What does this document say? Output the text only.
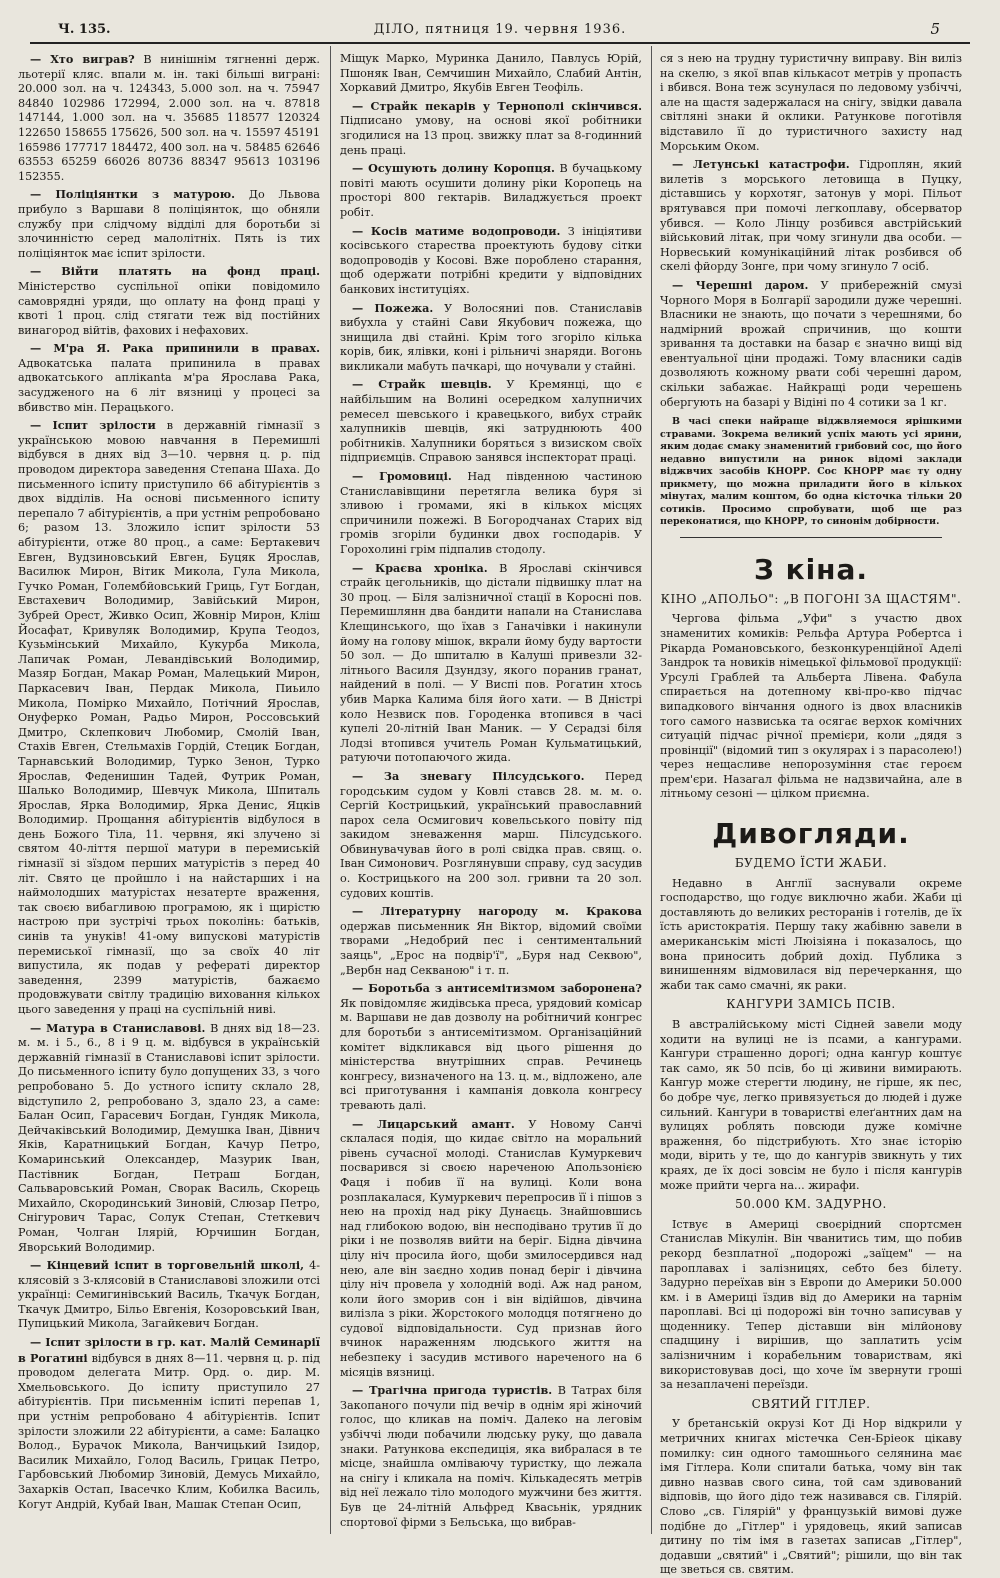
Ч. 135.	ДІЛО, пятниця 19. червня 1936.	5

— Хто виграв? В нинішнім тягненні держ. льотерії кляс. впали м. ін. такі більші виграні: 20.000 зол. на ч. 124343, 5.000 зол. на ч. 75947 84840 102986 172994, 2.000 зол. на ч. 87818 147144, 1.000 зол. на ч. 35685 118577 120324 122650 158655 175626, 500 зол. на ч. 15597 45191 165986 177717 184472, 400 зол. на ч. 58485 62646 63553 65259 66026 80736 88347 95613 103196 152355.

— Поліціянтки з матурою. До Львова прибуло з Варшави 8 поліціянток, що обняли службу при слідчому відділі для боротьби зі злочинністю серед малолітніх. Пять із тих поліціянток має іспит зрілости.

— Війти платять на фонд праці. Міністерство суспільної опіки повідомило самоврядні уряди, що оплату на фонд праці у квоті 1 проц. слід стягати теж від постійних винагород війтів, фахових і нефахових.

— М'ра Я. Рака припинили в правах. Адвокатська палата припинила в правах адвокатського аплікanta м'ра Ярослава Рака, засудженого на 6 літ вязниці у процесі за вбивство мін. Перацького.

— Іспит зрілости в державній гімназії з українською мовою навчання в Перемишлі відбувся в днях від 3—10. червня ц. р. під проводом директора заведення Степана Шаха. До письменного іспиту приступило 66 абітурієнтів з двох відділів. На основі письменного іспиту перепало 7 абітурієнтів, а при устнім репробовано 6; разом 13. Зложило іспит зрілости 53 абітурієнти, отже 80 проц., а саме: Бертакевич Евген, Вудзиновський Евген, Буцяк Ярослав, Василюк Мирон, Вітик Микола, Гула Микола, Гучко Роман, Голембйовський Гриць, Гут Богдан, Евстахевич Володимир, Завійський Мирон, Зубрей Орест, Живко Осип, Жовнір Мирон, Кліш Йосафат, Кривуляк Володимир, Крупа Теодоз, Кузьмінський Михайло, Кукурба Микола, Лапичак Роман, Левандівський Володимир, Мазяр Богдан, Макар Роман, Малецький Мирон, Паркасевич Іван, Пердак Микола, Пиьило Микола, Помірко Михайло, Потічний Ярослав, Онуферко Роман, Радьо Мирон, Россовський Дмитро, Склепкович Любомир, Смолій Іван, Стахів Евген, Стельмахів Гордій, Стецик Богдан, Тарнавський Володимир, Турко Зенон, Турко Ярослав, Феденишин Тадей, Футрик Роман, Шалько Володимир, Шевчук Микола, Шпиталь Ярослав, Ярка Володимир, Ярка Денис, Яцків Володимир. Прощання абітурієнтів відбулося в день Божого Тіла, 11. червня, які злучено зі святом 40-ліття першої матури в перемиській гімназії зі зїздом перших матурістів з перед 40 літ. Свято це пройшло і на найстарших і на наймолодших матурістах незатерте враження, так своєю вибагливою програмою, як і щирістю настрою при зустрічі трьох поколінь: батьків, синів та унуків! 41-ому випускові матурістів перемиської гімназії, що за своїх 40 літ випустила, як подав у рефераті директор заведення, 2399 матурістів, бажаємо продовжувати світлу традицію виховання кількох цього заведення у праці на суспільній ниві.

— Матура в Станиславові. В днях від 18—23. м. м. і 5., 6., 8 і 9 ц. м. відбувся в українській державній гімназії в Станиславові іспит зрілости. До письменного іспиту було допущених 33, з чого репробовано 5. До устного іспиту склало 28, відступило 2, репробовано 3, здало 23, а саме: Балан Осип, Гарасевич Богдан, Гундяк Микола, Дейчаківський Володимир, Демушка Іван, Дівнич Яків, Каратницький Богдан, Качур Петро, Комаринський Олександер, Мазурик Іван, Пастівник Богдан, Петраш Богдан, Сальваровський Роман, Сворак Василь, Скорець Михайло, Скородинський Зиновій, Слюзар Петро, Снігурович Тарас, Солук Степан, Стеткевич Роман, Чолган Ілярій, Юрчишин Богдан, Яворський Володимир.

— Кінцевий іспит в торговельній школі, 4-клясовій з 3-клясовій в Станиславові зложили отсі українці: Семигинівський Василь, Ткачук Богдан, Ткачук Дмитро, Більо Евгенія, Козоровський Іван, Пупицький Микола, Загайкевич Богдан.

— Іспит зрілости в гр. кат. Малій Семинарії в Рогатині відбувся в днях 8—11. червня ц. р. під проводом делегата Митр. Орд. о. дир. М. Хмельовського. До іспиту приступило 27 абітурієнтів. При письменнім іспиті перепав 1, при устнім репробовано 4 абітурієнтів. Іспит зрілости зложили 22 абітурієнти, а саме: Балацко Волод., Бурачок Микола, Ванчицький Ізидор, Василик Михайло, Голод Василь, Грицак Петро, Гарбовський Любомир Зиновій, Демусь Михайло, Захарків Остап, Івасечко Клим, Кобилка Василь, Когут Андрій, Кубай Іван, Машак Степан Осип,

Міщук Марко, Муринка Данило, Павлусь Юрій, Пшоняк Іван, Семчишин Михайло, Слабий Антін, Хоркавий Дмитро, Якубів Евген Теофіль.

— Страйк пекарів у Тернополі скінчився. Підписано умову, на основі якої робітники згодилися на 13 проц. звижку плат за 8-годинний день праці.

— Осушують долину Коропця. В бучацькому повіті мають осушити долину ріки Коропець на просторі 800 гектарів. Виладжується проект робіт.

— Косів матиме водопроводи. З ініціятиви косівського старества проектують будову сітки водопроводів у Косові. Вже пороблено старання, щоб одержати потрібні кредити у відповідних банкових інституціях.

— Пожежа. У Волосяниі пов. Станиславів вибухла у стайні Сави Якубович пожежа, що знищила дві стайні. Крім того згоріло кілька корів, бик, ялівки, коні і рільничі знаряди. Вогонь викликали мабуть пачкарі, що ночували у стайні.

— Страйк шевців. У Кремянці, що є найбільшим на Волині осередком халупничих ремесел шевського і кравецького, вибух страйк халупників шевців, які затруднюють 400 робітників. Халупники боряться з визиском своїх підприємців. Справою занявся інспекторат праці.

— Громовиці. Над південною частиною Станиславівщини перетягла велика буря зі зливою і громами, які в кількох місцях спричинили пожежі. В Богородчанах Старих від громів згоріли будинки двох господарів. У Горохолині грім підпалив стодолу.

— Краєва хроніка. В Ярославі скінчився страйк цегольників, що дістали підвишку плат на 30 проц. — Біля залізничної стації в Коросні пов. Перемишлянн два бандити напали на Станислава Клещинського, що їхав з Ганачівки і накинули йому на голову мішок, вкрали йому буду вартости 50 зол. — До шпиталю в Калуші привезли 32-літнього Василя Дзундзу, якого поранив гранат, найдений в полі. — У Виспі пов. Рогатин хтось убив Марка Калима біля його хати. — В Дністрі коло Незвиск пов. Городенка втопився в часі купелі 20-літній Іван Маник. — У Сєрадзі біля Лодзі втопився учитель Роман Кульматицький, ратуючи потопаючого жида.

— За зневагу Пілсудського. Перед городським судом у Ковлі ставсв 28. м. м. о. Сергій Кострицький, український православний парох села Осмигович ковельського повіту під закидом зневаження марш. Пілсудського. Обвинувачував його в ролі свідка прав. свящ. о. Іван Симонович. Розглянувши справу, суд засудив о. Кострицького на 200 зол. гривни та 20 зол. судових коштів.

— Літературну нагороду м. Кракова одержав письменник Ян Віктор, відомий своїми творами „Недобрий пес і сентиментальний заяць", „Ерос на подвір'ї", „Буря над Секвою", „Вербн над Секваною" і т. п.

— Боротьба з антисемітизмом заборонена? Як повідомляє жидівська преса, урядовий комісар м. Варшави не дав дозволу на робітничий конгрес для боротьби з антисемітизмом. Організаційний комітет відкликався від цього рішення до міністерства внутрішних справ. Речинець конгресу, визначеного на 13. ц. м., відложено, але всі приготування і кампанія довкола конгресу тревають далі.

— Лицарський амант. У Новому Санчі склалася подія, що кидає світло на моральний рівень сучасної молоді. Станислав Кумуркевич посварився зі своєю нареченою Апользонією Фаця і побив її на вулиці. Коли вона розплакалася, Кумуркевич перепросив її і пішов з нею на прохід над ріку Дунаєць. Знайшовшись над глибокою водою, він несподівано трутив її до ріки і не позволяв вийти на беріг. Бідна дівчина цілу ніч просила його, щоби змилосердився над нею, але він заєдно ходив понад беріг і дівчина цілу ніч провела у холодній воді. Аж над раном, коли його зморив сон і він відійшов, дівчина вилізла з ріки. Жорстокого молодця потягнено до судової відповідальности. Суд признав його вчинок нараженням людського життя на небезпеку і засудив мстивого нареченого на 6 місяців вязниці.

— Трагічна пригода туристів. В Татрах біля Закопаного почули під вечір в однім ярі жіночий голос, що кликав на поміч. Далеко на леговім узбіччі люди побачили людську руку, що давала знаки. Ратункова експедиція, яка вибралася в те місце, знайшла омліваючу туристку, що лежала на снігу і кликала на поміч. Кількадесять метрів від неї лежало тіло молодого мужчини без життя. Був це 24-літній Альфред Квасьнік, урядник спортової фірми з Бельська, що вибрав-

ся з нею на трудну туристичну виправу. Він виліз на скелю, з якої впав кількасот метрів у пропасть і вбився. Вона теж зсунулася по ледовому узбіччі, але на щастя задержалася на снігу, звідки давала світляні знаки й оклики. Ратункове поготівля відставило її до туристичного захисту над Морським Оком.

— Летунські катастрофи. Гідроплян, який вилетів з морського летовища в Пуцку, діставшись у корхотяг, затонув у морі. Пільот врятувався при помочі легкоплаву, обсерватор убився. — Коло Лінцу розбився австрійський військовий літак, при чому згинули два особи. — Норвеський комунікаційний літак розбився об скелі фйорду Зонге, при чому згинуло 7 осіб.

— Черешні даром. У прибережній смузі Чорного Моря в Болгарії зародили дуже черешні. Власники не знають, що почати з черешнями, бо надмірний врожай спричинив, що кошти зривання та доставки на базар є значно вищі від евентуальної ціни продажі. Тому власники садів дозволяють кожному рвати собі черешні даром, скільки забажає. Найкращі роди черешень обергують на базарі у Відіні по 4 сотики за 1 кг.

В часі спеки найраще віджвляемося ярішкими стравами. Зокрема великий успіх мають усі ярини, яким додає смаку знаменитий грибовий сос, що його недавно випустили на ринок відомі заклади віджвчих засобів КНОРР. Сос КНОРР має ту одну прикмету, що можна приладити його в кількох мінутах, малим коштом, бо одна кісточка тільки 20 сотиків. Просимо спробувати, щоб ще раз переконатися, що КНОРР, то синонім добірности.

З кіна.
КІНО „АПОЛЬО": „В ПОГОНІ ЗА ЩАСТЯМ".

Черговa фільма „Уфи" з участю двох знаменитих комиків: Рельфа Артура Робертса і Рікарда Романовського, безконкуренційної Аделі Зандрок та новиків німецької фільмової продукції: Урсулі Граблей та Альберта Лівена. Фабула спирається на дотепному кві-про-кво підчас випадкового вінчання одного із двох власників того самого назвиська та осягає верхок комічних ситуацій підчас річної премієри, коли „дядя з провінції" (відомий тип з окулярах і з парасолею!) через нещасливе непорозуміння стає героєм прем'єри. Назагал фільма не надзвичайна, але в літньому сезоні — цілком приємна.

Дивогляди.
БУДЕМО ЇСТИ ЖАБИ.

Недавно в Англії заснували окреме господарство, що годує виключно жаби. Жаби ці доставляють до великих ресторанів і готелів, де їх їсть аристократія. Першу таку жабівню завели в американськім місті Люізіяна і показалось, що вона приносить добрий дохід. Публика з винишенням відмовилася від перечеркання, що жаби так само смачні, як раки.

КАНГУРИ ЗАМІСЬ ПСІВ.

В австралійському місті Сідней завели моду ходити на вулиці не із псами, а кангурами. Кангури страшенно дорогі; одна кангур коштує так само, як 50 псів, бо ці живини вимирають. Кангур може стерегти людину, не гірше, як пес, бо добре чує, легко привязується до людей і дуже сильний. Кангури в товаристві елеґантних дам на вулицях роблять повсюди дуже комічне враження, бо підстрибують. Хто знає історію моди, вірить у те, що до кангурів звикнуть у тих краях, де їх досі зовсім не було і після кангурів може прийти черга на... жирафи.

50.000 КМ. ЗАДУРНО.

Іствує в Америці своєрідний спортсмен Станислав Мікулін. Він чванитись тим, що побив рекорд безплатної „подорожі „заїцем" — на пароплавах і залізницях, себто без білету. Задурно переїхав він з Европи до Америки 50.000 км. і в Америці їздив від до Америки на тарнім пароплаві. Всі ці подорожі він точно записував у щоденнику. Тепер діставши він мілйонову спадщину і вирішив, що заплатить усім залізничним і корабельним товариствам, які використовував досі, що хоче їм звернути гроші за незаплачені переїзди.

СВЯТИЙ ГІТЛЕР.

У бретанській окрузі Кот Ді Нор відкрили у метричних книгах містечка Сен-Бріеок цікаву помилку: син одного тамошнього селянина має імя Гітлера. Коли спитали батька, чому він так дивно назвав свого сина, той сам здивований відповів, що його дідо теж називався св. Гілярій. Слово „св. Гілярій" у французькій вимові дуже подібне до „Гітлер" і урядовець, який записав дитину по тім імя в газетах записав „Гітлер", додавши „святий" і „Святий"; рішили, що він так ще зветься св. святим.
